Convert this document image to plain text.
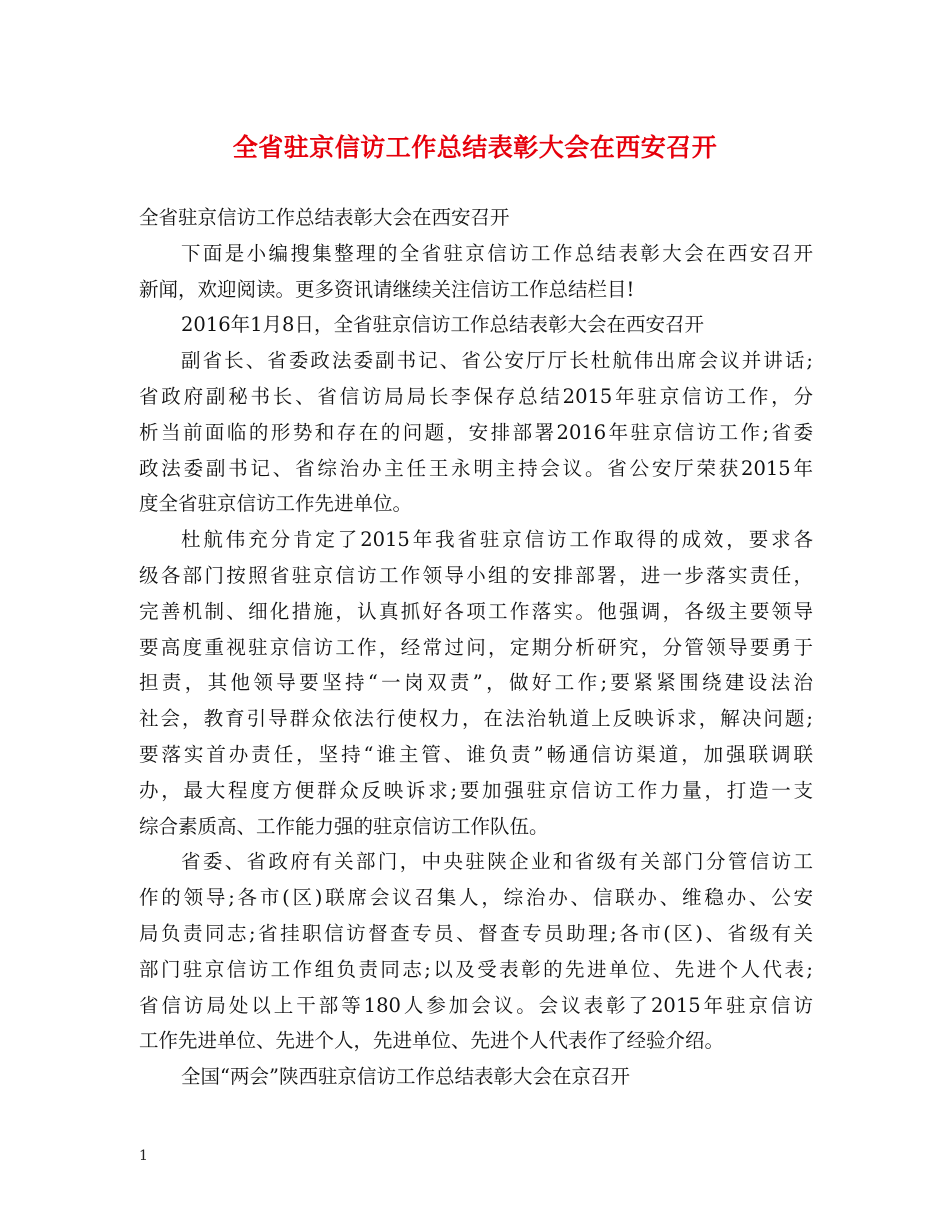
全省驻京信访工作总结表彰大会在西安召开
全省驻京信访工作总结表彰大会在西安召开
下面是小编搜集整理的全省驻京信访工作总结表彰大会在西安召开
新闻，欢迎阅读。更多资讯请继续关注信访工作总结栏目!
2016年1月8日，全省驻京信访工作总结表彰大会在西安召开
副省长、省委政法委副书记、省公安厅厅长杜航伟出席会议并讲话;
省政府副秘书长、省信访局局长李保存总结2015年驻京信访工作，分
析当前面临的形势和存在的问题，安排部署2016年驻京信访工作;省委
政法委副书记、省综治办主任王永明主持会议。省公安厅荣获2015年
度全省驻京信访工作先进单位。
杜航伟充分肯定了2015年我省驻京信访工作取得的成效，要求各
级各部门按照省驻京信访工作领导小组的安排部署，进一步落实责任，
完善机制、细化措施，认真抓好各项工作落实。他强调，各级主要领导
要高度重视驻京信访工作，经常过问，定期分析研究，分管领导要勇于
担责，其他领导要坚持“一岗双责”，做好工作;要紧紧围绕建设法治
社会，教育引导群众依法行使权力，在法治轨道上反映诉求，解决问题;
要落实首办责任，坚持“谁主管、谁负责”畅通信访渠道，加强联调联
办，最大程度方便群众反映诉求;要加强驻京信访工作力量，打造一支
综合素质高、工作能力强的驻京信访工作队伍。
省委、省政府有关部门，中央驻陕企业和省级有关部门分管信访工
作的领导;各市(区)联席会议召集人，综治办、信联办、维稳办、公安
局负责同志;省挂职信访督查专员、督查专员助理;各市(区)、省级有关
部门驻京信访工作组负责同志;以及受表彰的先进单位、先进个人代表;
省信访局处以上干部等180人参加会议。会议表彰了2015年驻京信访
工作先进单位、先进个人，先进单位、先进个人代表作了经验介绍。
全国“两会”陕西驻京信访工作总结表彰大会在京召开
1
